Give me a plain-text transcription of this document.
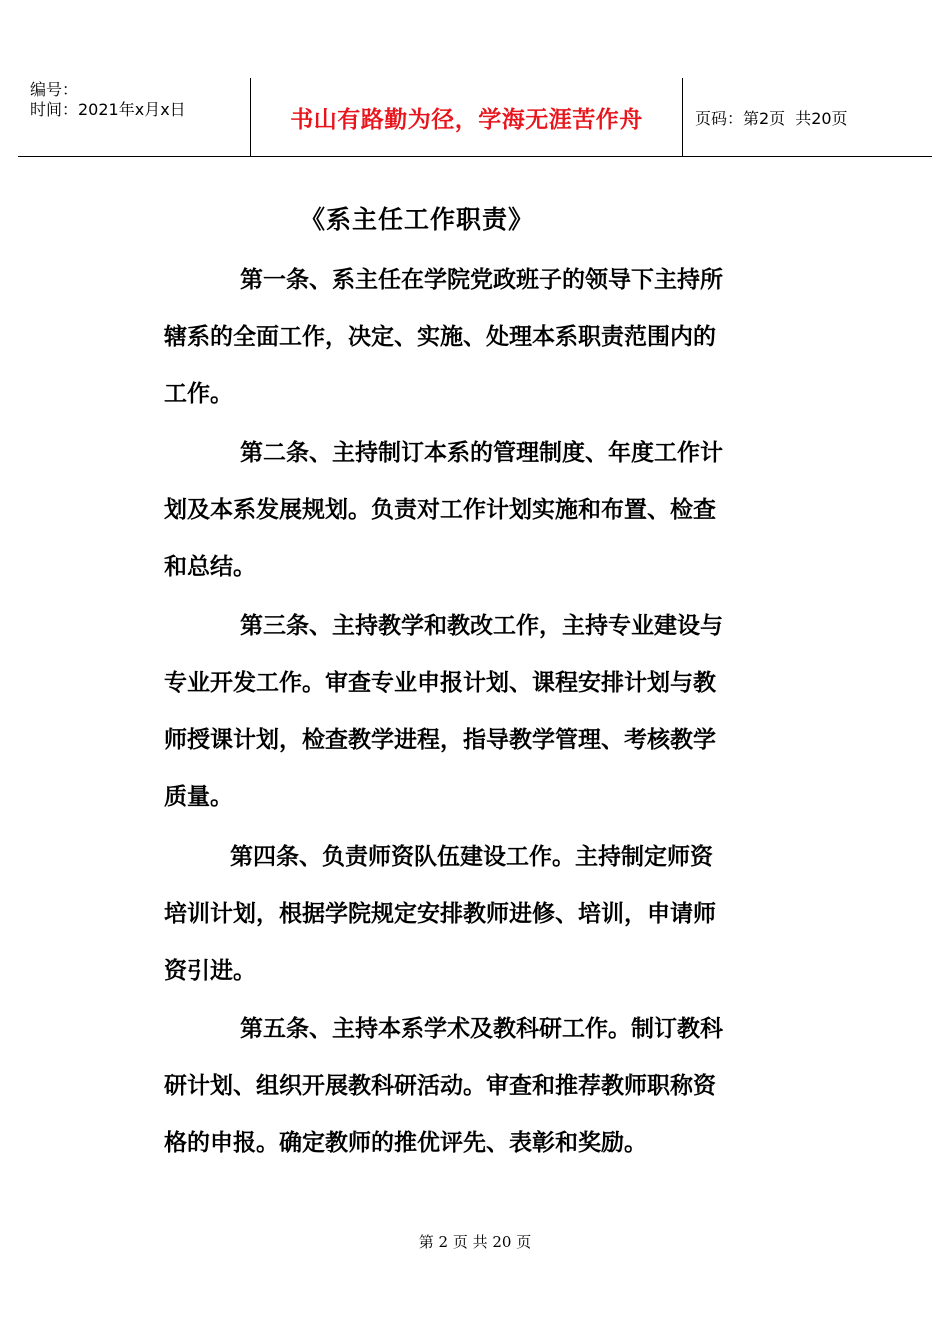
编号：
时间：2021年x月x日	书山有路勤为径，学海无涯苦作舟	页码：第2页 共20页
《系主任工作职责》
第一条、系主任在学院党政班子的领导下主持所
辖系的全面工作，决定、实施、处理本系职责范围内的
工作。
第二条、主持制订本系的管理制度、年度工作计
划及本系发展规划。负责对工作计划实施和布置、检查
和总结。
第三条、主持教学和教改工作，主持专业建设与
专业开发工作。审查专业申报计划、课程安排计划与教
师授课计划，检查教学进程，指导教学管理、考核教学
质量。
第四条、负责师资队伍建设工作。主持制定师资
培训计划，根据学院规定安排教师进修、培训，申请师
资引进。
第五条、主持本系学术及教科研工作。制订教科
研计划、组织开展教科研活动。审查和推荐教师职称资
格的申报。确定教师的推优评先、表彰和奖励。
第 2 页 共 20 页
